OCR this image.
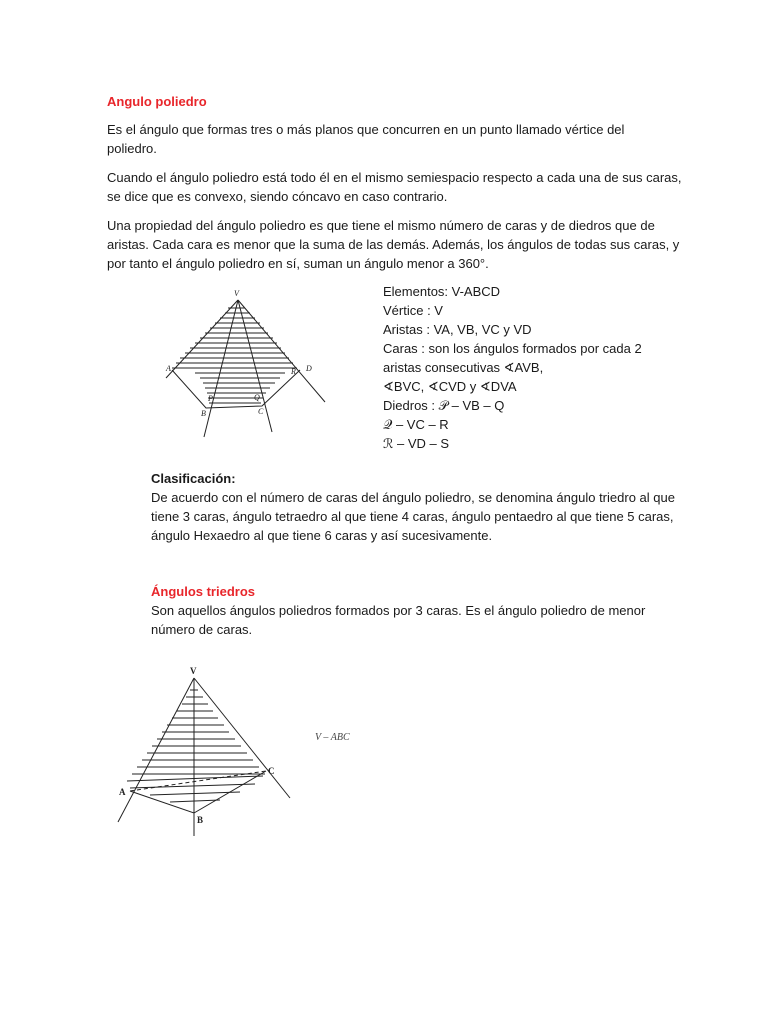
Angulo poliedro
Es el ángulo que formas tres o más planos que concurren en un punto llamado vértice del
poliedro.
Cuando el ángulo poliedro está todo él en el mismo semiespacio respecto a cada una de sus caras,
se dice que es convexo, siendo cóncavo en caso contrario.
Una propiedad del ángulo poliedro es que tiene el mismo número de caras y de diedros que de
aristas. Cada cara es menor que la suma de las demás. Además, los ángulos de todas sus caras, y
por tanto el ángulo poliedro en sí, suman un ángulo menor a 360°.
V
A
B	C
D
P	Q
R
Elementos: V-ABCD
Vértice : V
Aristas : VA, VB, VC y VD
Caras : son los ángulos formados por cada 2
aristas consecutivas ∢AVB,
∢BVC, ∢CVD y ∢DVA
Diedros : 𝒫 – VB – Q
𝒬 – VC – R
ℛ – VD – S
Clasificación:
De acuerdo con el número de caras del ángulo poliedro, se denomina ángulo triedro al que
tiene 3 caras, ángulo tetraedro al que tiene 4 caras, ángulo pentaedro al que tiene 5 caras,
ángulo Hexaedro al que tiene 6 caras y así sucesivamente.
Ángulos triedros
Son aquellos ángulos poliedros formados por 3 caras. Es el ángulo poliedro de menor
número de caras.
V
A
B
C
V – ABC
